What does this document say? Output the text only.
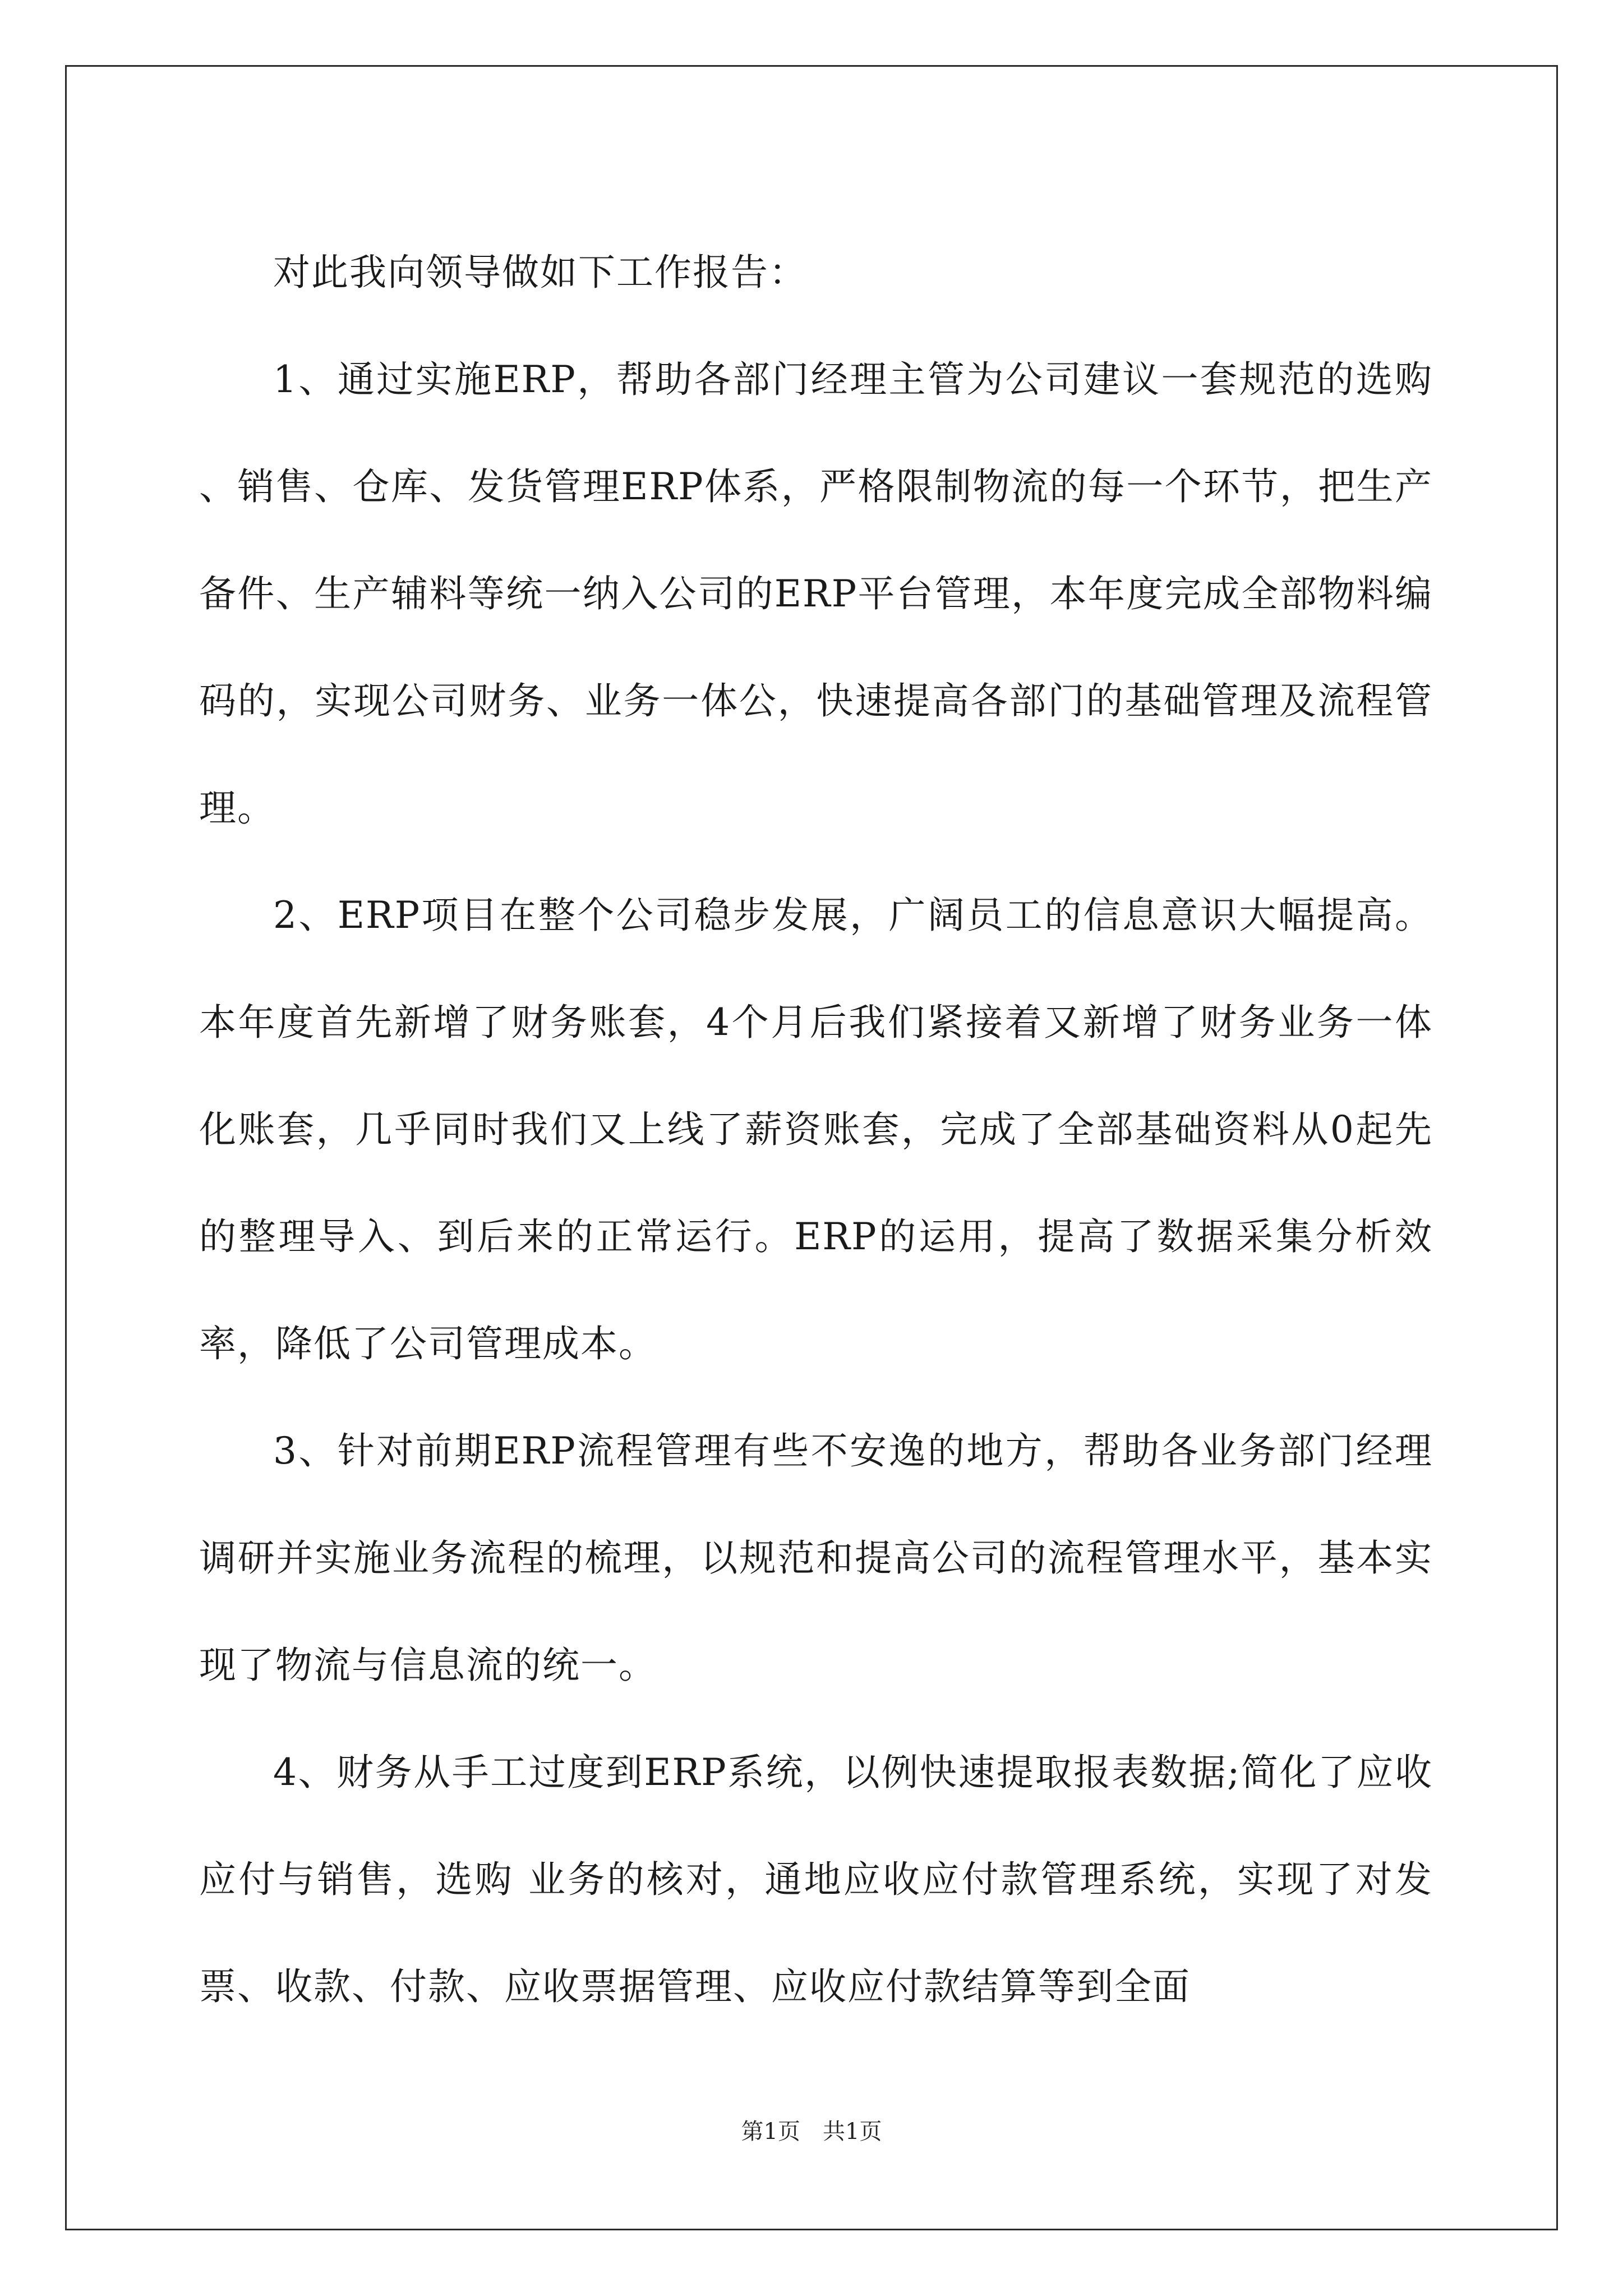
对此我向领导做如下工作报告：

1、通过实施ERP，帮助各部门经理主管为公司建议一套规范的选购 、销售、仓库、发货管理ERP体系，严格限制物流的每一个环节，把生产备件、生产辅料等统一纳入公司的ERP平台管理，本年度完成全部物料编码的，实现公司财务、业务一体公，快速提高各部门的基础管理及流程管理。

2、ERP项目在整个公司稳步发展，广阔员工的信息意识大幅提高。本年度首先新增了财务账套，4个月后我们紧接着又新增了财务业务一体化账套，几乎同时我们又上线了薪资账套，完成了全部基础资料从0起先的整理导入、到后来的正常运行。ERP的运用，提高了数据采集分析效率，降低了公司管理成本。

3、针对前期ERP流程管理有些不安逸的地方，帮助各业务部门经理调研并实施业务流程的梳理，以规范和提高公司的流程管理水平，基本实现了物流与信息流的统一。

4、财务从手工过度到ERP系统，以例快速提取报表数据;简化了应收应付与销售，选购 业务的核对，通地应收应付款管理系统，实现了对发票、收款、付款、应收票据管理、应收应付款结算等到全面

第1页 共1页
